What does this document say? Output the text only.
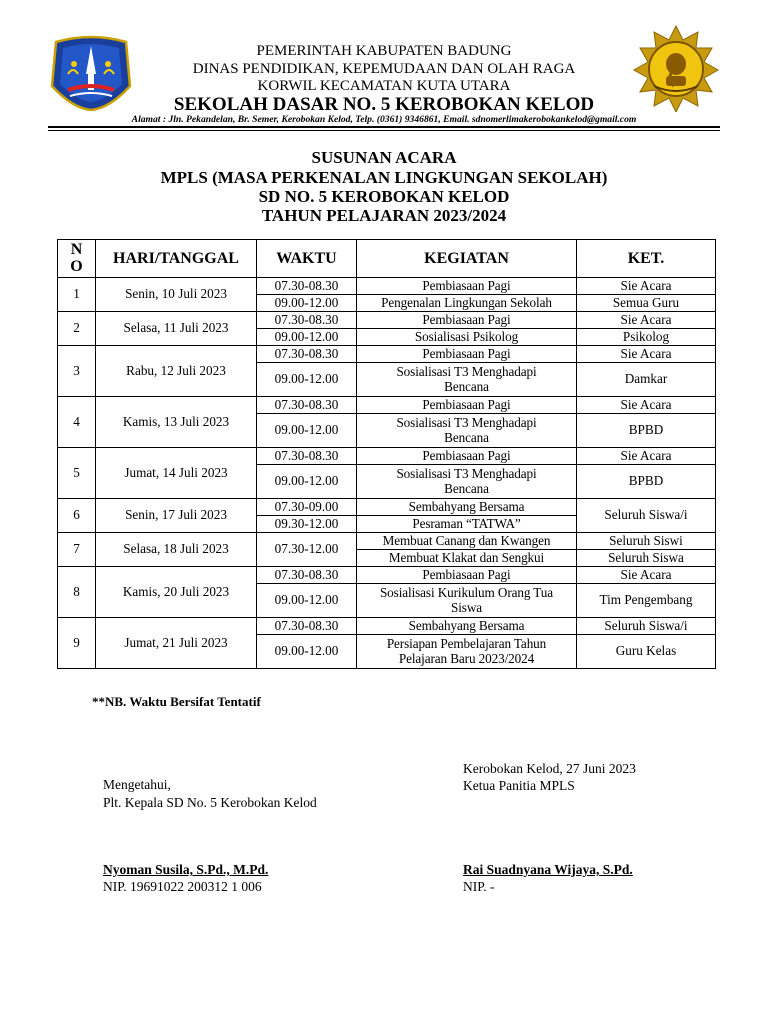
PEMERINTAH KABUPATEN BADUNG
DINAS PENDIDIKAN, KEPEMUDAAN DAN OLAH RAGA
KORWIL KECAMATAN KUTA UTARA
SEKOLAH DASAR NO. 5 KEROBOKAN KELOD
Alamat : Jln. Pekandelan, Br. Semer, Kerobokan Kelod, Telp. (0361) 9346861, Email. sdnomerlimakerobokankelod@gmail.com
SUSUNAN ACARA
MPLS (MASA PERKENALAN LINGKUNGAN SEKOLAH)
SD NO. 5 KEROBOKAN KELOD
TAHUN PELAJARAN 2023/2024
N
O	HARI/TANGGAL	WAKTU	KEGIATAN	KET.
1	Senin, 10 Juli 2023	07.30-08.30	Pembiasaan Pagi	Sie Acara
		09.00-12.00	Pengenalan Lingkungan Sekolah	Semua Guru
2	Selasa, 11 Juli 2023	07.30-08.30	Pembiasaan Pagi	Sie Acara
		09.00-12.00	Sosialisasi Psikolog	Psikolog
3	Rabu, 12 Juli 2023	07.30-08.30	Pembiasaan Pagi	Sie Acara
		09.00-12.00	Sosialisasi T3 Menghadapi Bencana	Damkar
4	Kamis, 13 Juli 2023	07.30-08.30	Pembiasaan Pagi	Sie Acara
		09.00-12.00	Sosialisasi T3 Menghadapi Bencana	BPBD
5	Jumat, 14 Juli 2023	07.30-08.30	Pembiasaan Pagi	Sie Acara
		09.00-12.00	Sosialisasi T3 Menghadapi Bencana	BPBD
6	Senin, 17 Juli 2023	07.30-09.00	Sembahyang Bersama	Seluruh Siswa/i
		09.30-12.00	Pesraman “TATWA”	
7	Selasa, 18 Juli 2023	07.30-12.00	Membuat Canang dan Kwangen	Seluruh Siswi
			Membuat Klakat dan Sengkui	Seluruh Siswa
8	Kamis, 20 Juli 2023	07.30-08.30	Pembiasaan Pagi	Sie Acara
		09.00-12.00	Sosialisasi Kurikulum Orang Tua Siswa	Tim Pengembang
9	Jumat, 21 Juli 2023	07.30-08.30	Sembahyang Bersama	Seluruh Siswa/i
		09.00-12.00	Persiapan Pembelajaran Tahun Pelajaran Baru 2023/2024	Guru Kelas
**NB. Waktu Bersifat Tentatif
Kerobokan Kelod, 27 Juni 2023
Ketua Panitia MPLS
Mengetahui,
Plt. Kepala SD No. 5 Kerobokan Kelod
Nyoman Susila, S.Pd., M.Pd.
NIP. 19691022 200312 1 006
Rai Suadnyana Wijaya, S.Pd.
NIP. -
